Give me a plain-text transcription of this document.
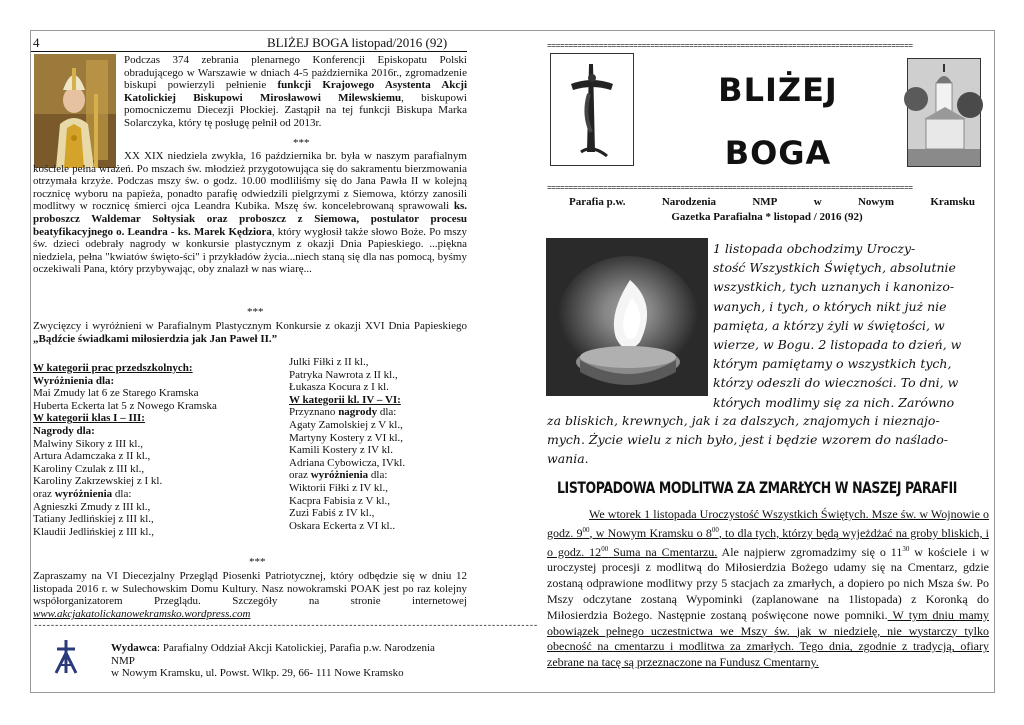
4	BLIŻEJ BOGA listopad/2016 (92)
Podczas 374 zebrania plenarnego Konferencji Episkopatu Polski obradującego w Warszawie w dniach 4-5 października 2016r., zgromadzenie biskupi powierzyli pełnienie funkcji Krajowego Asystenta Akcji Katolickiej Biskupowi Mirosławowi Milewskiemu, biskupowi pomocniczemu Diecezji Płockiej. Zastąpił na tej funkcji Biskupa Marka Solarczyka, który tę posługę pełnił od 2013r.
***
XX XIX niedziela zwykła, 16 października br. była w naszym parafialnym kościele pełna wrażeń. Po mszach św. młodzież przygotowująca się do sakramentu bierzmowania otrzymała krzyże. Podczas mszy św. o godz. 10.00 modliliśmy się do Jana Pawła II w kolejną rocznicę wyboru na papieża, ponadto parafię odwiedzili pielgrzymi z Siemowa, którzy zanosili modlitwy w rocznicę śmierci ojca Leandra Kubika. Mszę św. koncelebrowaną sprawowali ks. proboszcz Waldemar Sołtysiak oraz proboszcz z Siemowa, postulator procesu beatyfikacyjnego o. Leandra - ks. Marek Kędziora, który wygłosił także słowo Boże. Po mszy św. dzieci odebrały nagrody w konkursie plastycznym z okazji Dnia Papieskiego. ...piękna niedziela, pełna "kwiatów święto-ści" i przykładów życia...niech staną się dla nas pomocą, byśmy oczekiwali Pana, który przybywając, oby znalazł w nas wiarę...
***
Zwycięzcy i wyróżnieni w Parafialnym Plastycznym Konkursie z okazji XVI Dnia Papieskiego „Bądźcie świadkami miłosierdzia jak Jan Paweł II.”
W kategorii prac przedszkolnych:
Wyróżnienia dla:
Mai Zmudy lat 6 ze Starego Kramska
Huberta Eckerta lat 5 z Nowego Kramska
W kategorii klas I – III:
Nagrody dla:
Malwiny Sikory z III kl.,
Artura Adamczaka z II kl.,
Karoliny Czulak z III kl.,
Karoliny Zakrzewskiej z I kl.
oraz wyróżnienia dla:
Agnieszki Zmudy z III kl.,
Tatiany Jedlińskiej z III kl.,
Klaudii Jedlińskiej z III kl.,
Julki Fiłki z II kl.,
Patryka Nawrota z II kl.,
Łukasza Kocura z I kl.
W kategorii kl. IV – VI:
Przyznano nagrody dla:
Agaty Zamolskiej z V kl.,
Martyny Kostery z VI kl.,
Kamili Kostery z IV kl.
Adriana Cybowicza, IVkl.
oraz wyróżnienia dla:
Wiktorii Fiłki z IV kl.,
Kacpra Fabisia z V kl.,
Zuzi Fabiś z IV kl.,
Oskara Eckerta z VI kl..
***
Zapraszamy na VI Diecezjalny Przegląd Piosenki Patriotycznej, który odbędzie się w dniu 12 listopada 2016 r. w Sulechowskim Domu Kultury. Nasz nowokramski POAK jest po raz kolejny współorganizatorem Przeglądu. Szczegóły na stronie internetowej www.akcjakatolickanowekramsko.wordpress.com
------------------------------------------------------------------------------------------------------------------------
Wydawca: Parafialny Oddział Akcji Katolickiej, Parafia p.w. Narodzenia NMP
w Nowym Kramsku, ul. Powst. Wlkp. 29, 66- 111 Nowe Kramsko
=====================================================================================
BLIŻEJ
BOGA
=====================================================================================
Parafia p.w.	Narodzenia	NMP	w	Nowym	Kramsku
Gazetka Parafialna * listopad / 2016 (92)
1 listopada obchodzimy Uroczy-
stość Wszystkich Świętych, absolutnie
wszystkich, tych uznanych i kanonizo-
wanych, i tych, o których nikt już nie
pamięta, a którzy żyli w świętości, w
wierze, w Bogu. 2 listopada to dzień, w
którym pamiętamy o wszystkich tych,
którzy odeszli do wieczności. To dni, w
których modlimy się za nich. Zarówno
za bliskich, krewnych, jak i za dalszych, znajomych i nieznajo-
mych. Życie wielu z nich było, jest i będzie wzorem do naślado-
wania.
LISTOPADOWA MODLITWA ZA ZMARŁYCH W NASZEJ PARAFII
We wtorek 1 listopada Uroczystość Wszystkich Świętych. Msze św. w Wojnowie o godz. $9^{00}$, w Nowym Kramsku o $8^{00}$, to dla tych, którzy będą wyjeżdżać na groby bliskich, i o godz. $12^{00}$ Suma na Cmentarzu. Ale najpierw zgromadzimy się o $11^{30}$ w kościele i w uroczystej procesji z modlitwą do Miłosierdzia Bożego udamy się na Cmentarz, gdzie zostaną odprawione modlitwy przy 5 stacjach za zmarłych, a dopiero po nich Msza św. Po Mszy odczytane zostaną Wypominki (zaplanowane na 1listopada) z Koronką do Miłosierdzia Bożego. Następnie zostaną poświęcone nowe pomniki. W tym dniu mamy obowiązek pełnego uczestnictwa we Mszy św. jak w niedzielę, nie wystarczy tylko obecność na cmentarzu i modlitwa za zmarłych. Tego dnia, zgodnie z tradycją, ofiary zebrane na tacę są przeznaczone na Fundusz Cmentarny.
